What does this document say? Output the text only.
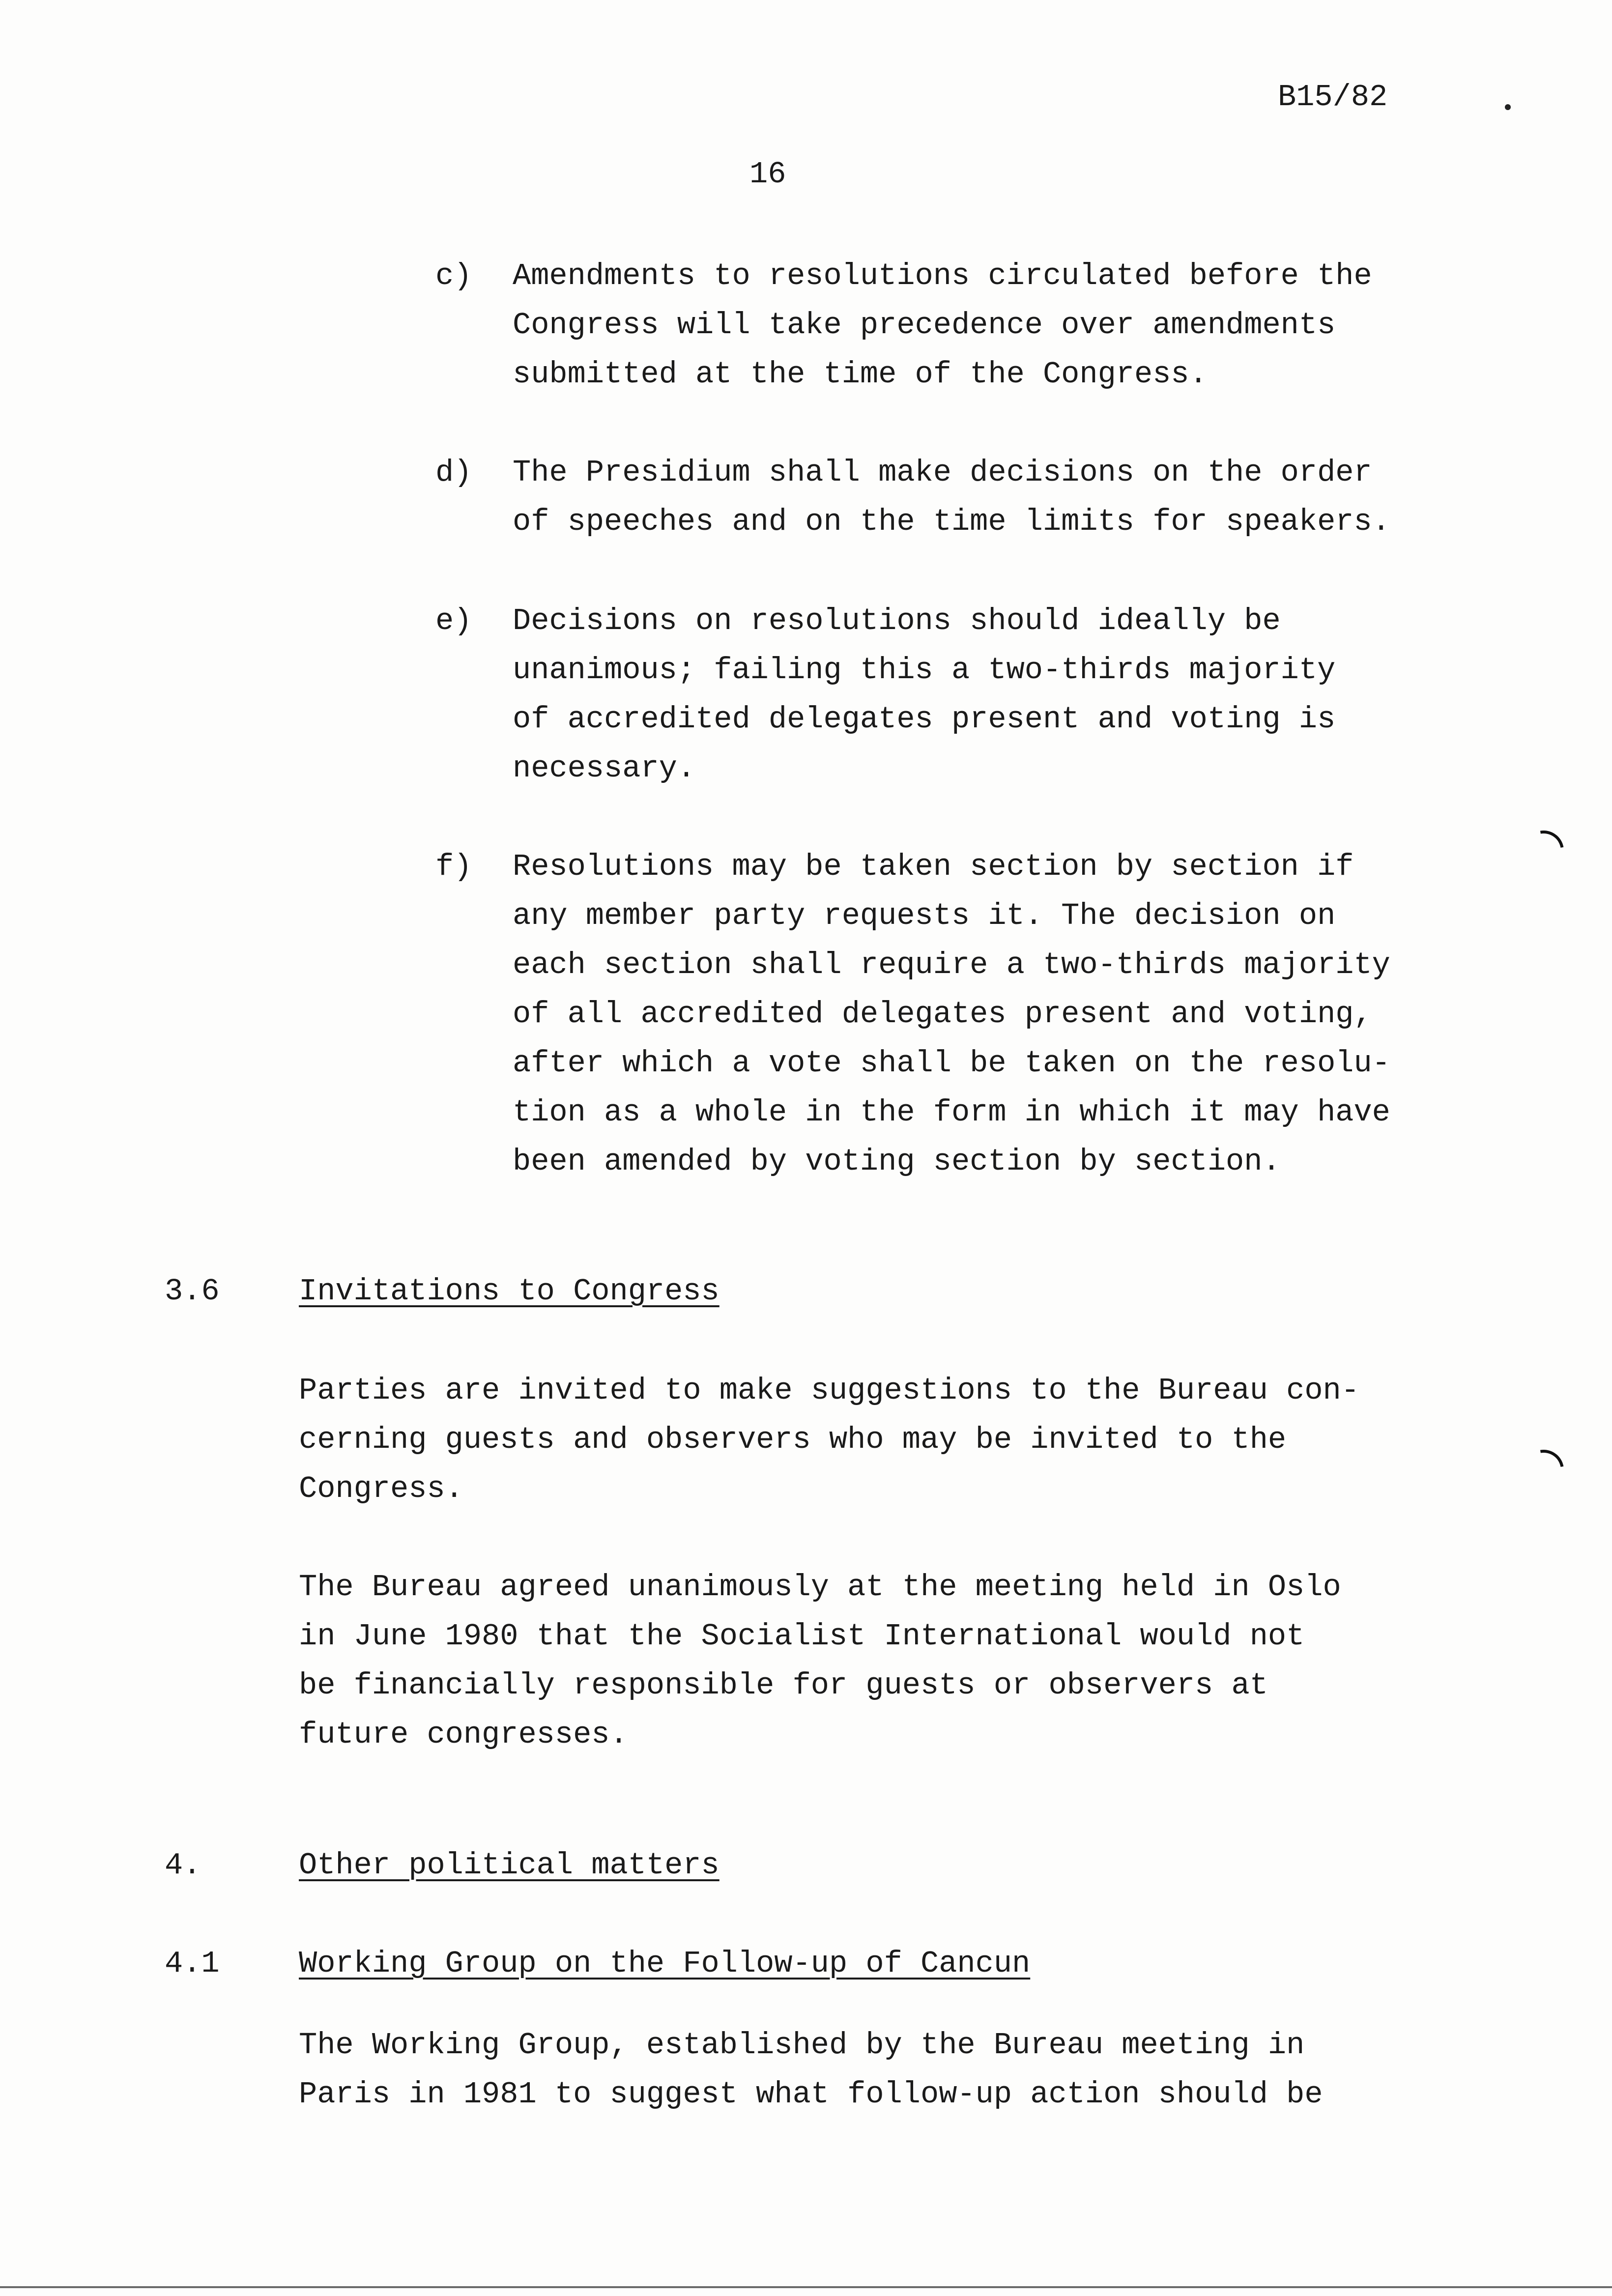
B15/82
16
c) Amendments to resolutions circulated before the
Congress will take precedence over amendments
submitted at the time of the Congress.
d) The Presidium shall make decisions on the order
of speeches and on the time limits for speakers.
e) Decisions on resolutions should ideally be
unanimous; failing this a two-thirds majority
of accredited delegates present and voting is
necessary.
f) Resolutions may be taken section by section if
any member party requests it. The decision on
each section shall require a two-thirds majority
of all accredited delegates present and voting,
after which a vote shall be taken on the resolu-
tion as a whole in the form in which it may have
been amended by voting section by section.
3.6	Invitations to Congress
Parties are invited to make suggestions to the Bureau con-
cerning guests and observers who may be invited to the
Congress.
The Bureau agreed unanimously at the meeting held in Oslo
in June 1980 that the Socialist International would not
be financially responsible for guests or observers at
future congresses.
4.	Other political matters
4.1	Working Group on the Follow-up of Cancun
The Working Group, established by the Bureau meeting in
Paris in 1981 to suggest what follow-up action should be
